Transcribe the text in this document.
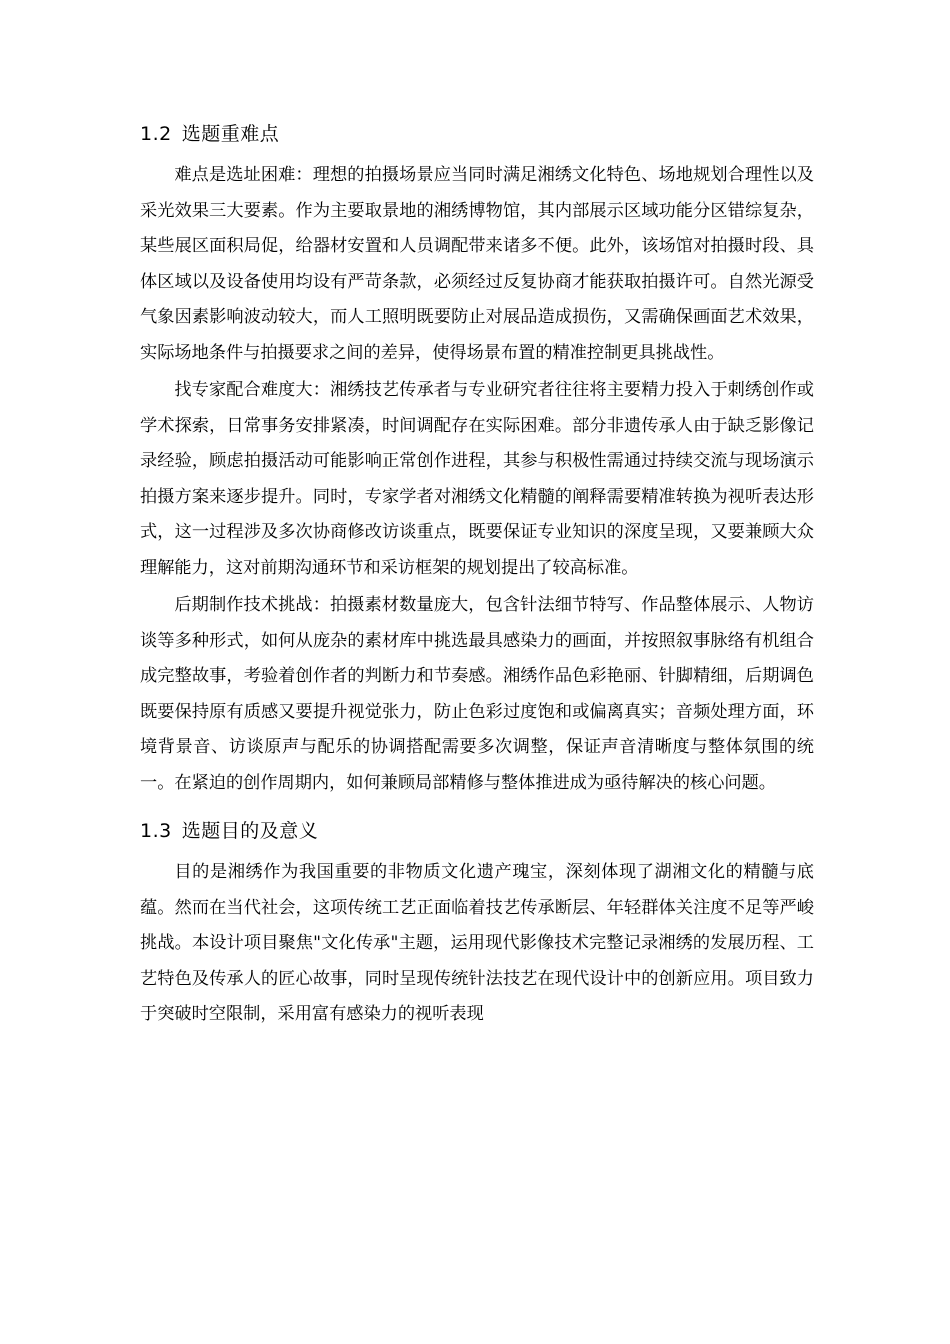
1.2 选题重难点

难点是选址困难：理想的拍摄场景应当同时满足湘绣文化特色、场地规划合理性以及采光效果三大要素。作为主要取景地的湘绣博物馆，其内部展示区域功能分区错综复杂，某些展区面积局促，给器材安置和人员调配带来诸多不便。此外，该场馆对拍摄时段、具体区域以及设备使用均设有严苛条款，必须经过反复协商才能获取拍摄许可。自然光源受气象因素影响波动较大，而人工照明既要防止对展品造成损伤，又需确保画面艺术效果，实际场地条件与拍摄要求之间的差异，使得场景布置的精准控制更具挑战性。

找专家配合难度大：湘绣技艺传承者与专业研究者往往将主要精力投入于刺绣创作或学术探索，日常事务安排紧凑，时间调配存在实际困难。部分非遗传承人由于缺乏影像记录经验，顾虑拍摄活动可能影响正常创作进程，其参与积极性需通过持续交流与现场演示拍摄方案来逐步提升。同时，专家学者对湘绣文化精髓的阐释需要精准转换为视听表达形式，这一过程涉及多次协商修改访谈重点，既要保证专业知识的深度呈现，又要兼顾大众理解能力，这对前期沟通环节和采访框架的规划提出了较高标准。

后期制作技术挑战：拍摄素材数量庞大，包含针法细节特写、作品整体展示、人物访谈等多种形式，如何从庞杂的素材库中挑选最具感染力的画面，并按照叙事脉络有机组合成完整故事，考验着创作者的判断力和节奏感。湘绣作品色彩艳丽、针脚精细，后期调色既要保持原有质感又要提升视觉张力，防止色彩过度饱和或偏离真实；音频处理方面，环境背景音、访谈原声与配乐的协调搭配需要多次调整，保证声音清晰度与整体氛围的统一。在紧迫的创作周期内，如何兼顾局部精修与整体推进成为亟待解决的核心问题。

1.3 选题目的及意义

目的是湘绣作为我国重要的非物质文化遗产瑰宝，深刻体现了湖湘文化的精髓与底蕴。然而在当代社会，这项传统工艺正面临着技艺传承断层、年轻群体关注度不足等严峻挑战。本设计项目聚焦"文化传承"主题，运用现代影像技术完整记录湘绣的发展历程、工艺特色及传承人的匠心故事，同时呈现传统针法技艺在现代设计中的创新应用。项目致力于突破时空限制，采用富有感染力的视听表现
